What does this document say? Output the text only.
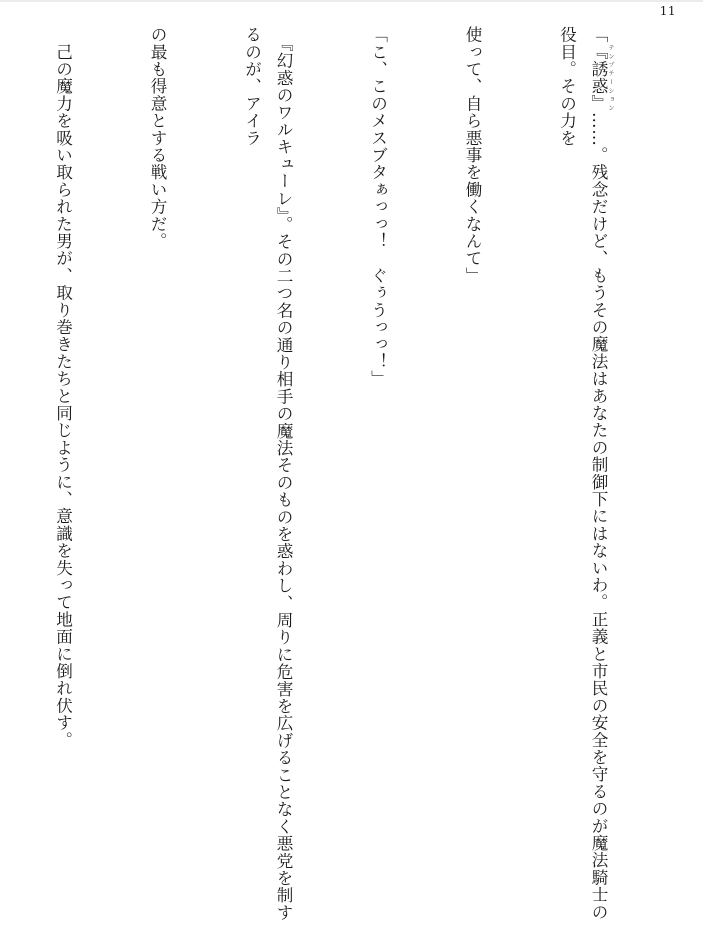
11

「『誘惑』 テンプテーション……。残念だけど、もうその魔法はあなたの制御下にはないわ。正義と市民の安全を守るのが魔法騎士の役目。その力を

使って、自ら悪事を働くなんて」

「こ、このメスブタぁっっ！　ぐぅうっっ！」

　『幻惑のワルキューレ』。その二つ名の通り相手の魔法そのものを惑わし、周りに危害を広げることなく悪党を制するのが、アイラ

の最も得意とする戦い方だ。

　己の魔力を吸い取られた男が、取り巻きたちと同じように、意識を失って地面に倒れ伏す。
